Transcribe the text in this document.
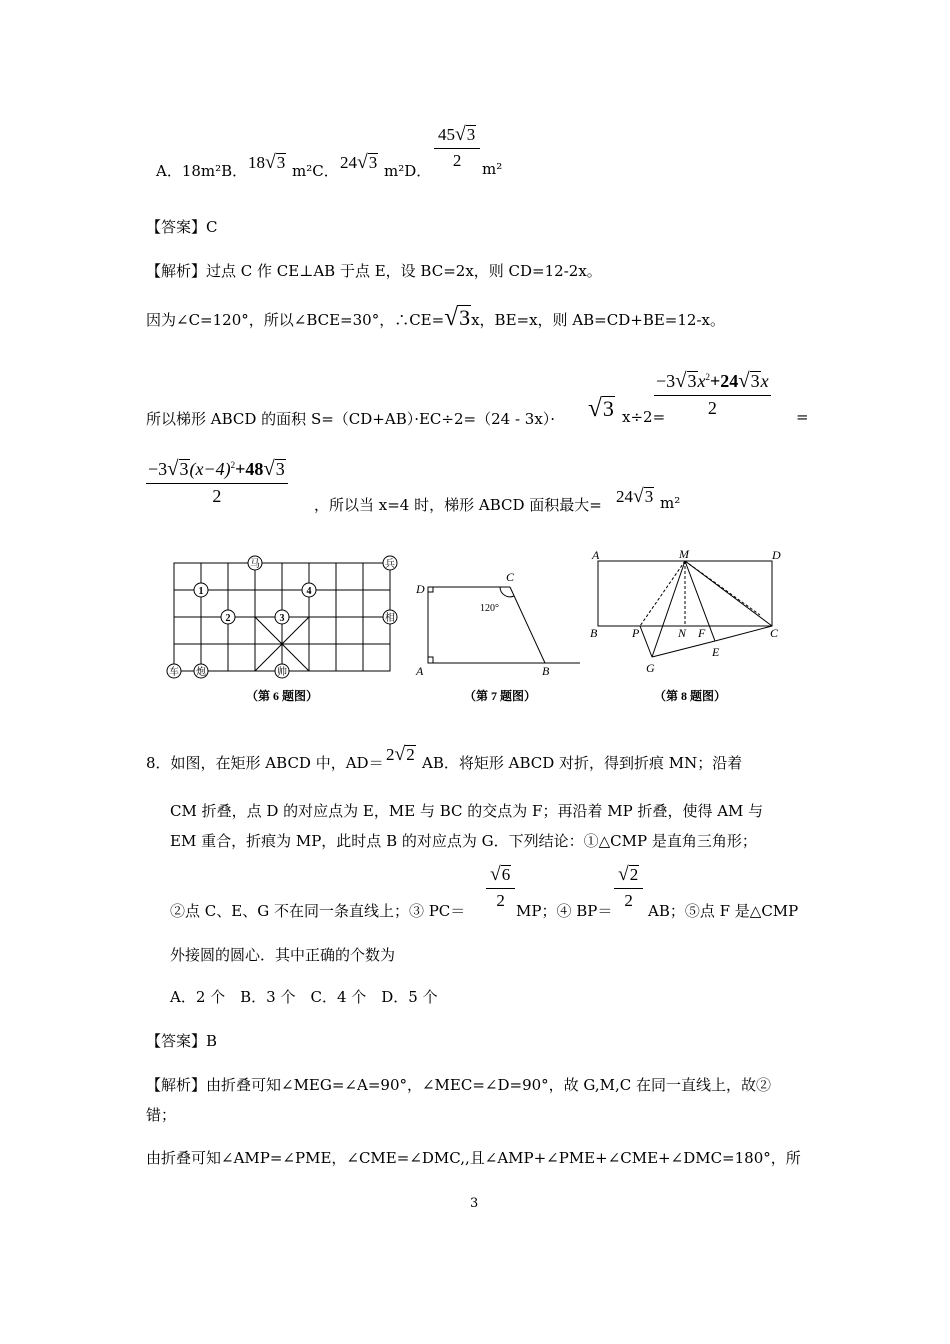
A．18m²B． 18√3 m²C． 24√3 m²D． $\frac{45√3}{2} m^2$
【答案】C
【解析】过点 C 作 CE⊥AB 于点 E，设 BC=2x，则 CD=12-2x。
因为∠C=120°，所以∠BCE=30°，∴CE=√3x，BE=x，则 AB=CD+BE=12-x。
所以梯形 ABCD 的面积 S=（CD+AB）·EC÷2=（24 - 3x）· √3 x÷2=
$\frac{-3√3x^2+24√3x}{2}$ =
$\frac{-3√3(x-4)^2+48√3}{2}$ ，所以当 x=4 时，梯形 ABCD 面积最大= 24√3 m²
马	兵
相
车 炮	帅
1
2	3
4
（第 6 题图）
D
C
A	B
120°
（第 7 题图）
A	M	D
B	P	N F	C
E
G
（第 8 题图）
8．如图，在矩形 ABCD 中，AD＝ 2√2 AB．将矩形 ABCD 对折，得到折痕 MN；沿着
CM 折叠，点 D 的对应点为 E，ME 与 BC 的交点为 F；再沿着 MP 折叠，使得 AM 与
EM 重合，折痕为 MP，此时点 B 的对应点为 G．下列结论：①△CMP 是直角三角形；
②点 C、E、G 不在同一条直线上；③ $PC= \frac{√6}{2}$ MP；④ $BP= \frac{√2}{2}$ AB；⑤点 F 是△CMP
外接圆的圆心．其中正确的个数为
A．2 个　B．3 个　C．4 个　D．5 个
【答案】B
【解析】由折叠可知∠MEG=∠A=90°，∠MEC=∠D=90°，故 G,M,C 在同一直线上，故②
错；
由折叠可知∠AMP=∠PME，∠CME=∠DMC,,且∠AMP+∠PME+∠CME+∠DMC=180°，所
3
